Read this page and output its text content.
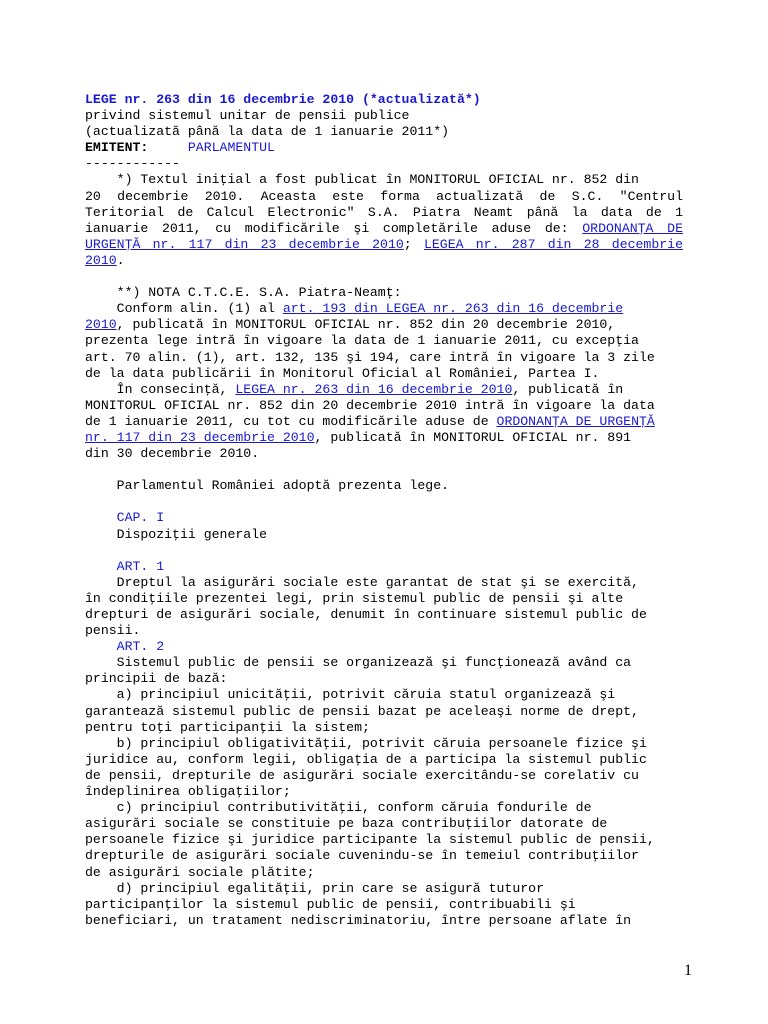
LEGE nr. 263 din 16 decembrie 2010 (*actualizată*)
privind sistemul unitar de pensii publice
(actualizată până la data de 1 ianuarie 2011*)
EMITENT:	PARLAMENTUL
------------
*) Textul iniţial a fost publicat în MONITORUL OFICIAL nr. 852 din
20 decembrie 2010. Aceasta este forma actualizată de S.C. "Centrul
Teritorial de Calcul Electronic" S.A. Piatra Neamt până la data de 1
ianuarie 2011, cu modificările şi completările aduse de: ORDONANŢA DE
URGENŢĂ nr. 117 din 23 decembrie 2010; LEGEA nr. 287 din 28 decembrie
2010.
**) NOTA C.T.C.E. S.A. Piatra-Neamţ:
Conform alin. (1) al art. 193 din LEGEA nr. 263 din 16 decembrie
2010, publicată în MONITORUL OFICIAL nr. 852 din 20 decembrie 2010,
prezenta lege intră în vigoare la data de 1 ianuarie 2011, cu excepţia
art. 70 alin. (1), art. 132, 135 şi 194, care intră în vigoare la 3 zile
de la data publicării în Monitorul Oficial al României, Partea I.
În consecinţă, LEGEA nr. 263 din 16 decembrie 2010, publicată în
MONITORUL OFICIAL nr. 852 din 20 decembrie 2010 intră în vigoare la data
de 1 ianuarie 2011, cu tot cu modificările aduse de ORDONANŢA DE URGENŢĂ
nr. 117 din 23 decembrie 2010, publicată în MONITORUL OFICIAL nr. 891
din 30 decembrie 2010.
Parlamentul României adoptă prezenta lege.
CAP. I
Dispoziţii generale
ART. 1
Dreptul la asigurări sociale este garantat de stat şi se exercită,
în condiţiile prezentei legi, prin sistemul public de pensii şi alte
drepturi de asigurări sociale, denumit în continuare sistemul public de
pensii.
ART. 2
Sistemul public de pensii se organizează şi funcţionează având ca
principii de bază:
a) principiul unicităţii, potrivit căruia statul organizează şi
garantează sistemul public de pensii bazat pe aceleaşi norme de drept,
pentru toţi participanţii la sistem;
b) principiul obligativităţii, potrivit căruia persoanele fizice şi
juridice au, conform legii, obligaţia de a participa la sistemul public
de pensii, drepturile de asigurări sociale exercitându-se corelativ cu
îndeplinirea obligaţiilor;
c) principiul contributivităţii, conform căruia fondurile de
asigurări sociale se constituie pe baza contribuţiilor datorate de
persoanele fizice şi juridice participante la sistemul public de pensii,
drepturile de asigurări sociale cuvenindu-se în temeiul contribuţiilor
de asigurări sociale plătite;
d) principiul egalităţii, prin care se asigură tuturor
participanţilor la sistemul public de pensii, contribuabili şi
beneficiari, un tratament nediscriminatoriu, între persoane aflate în
1
